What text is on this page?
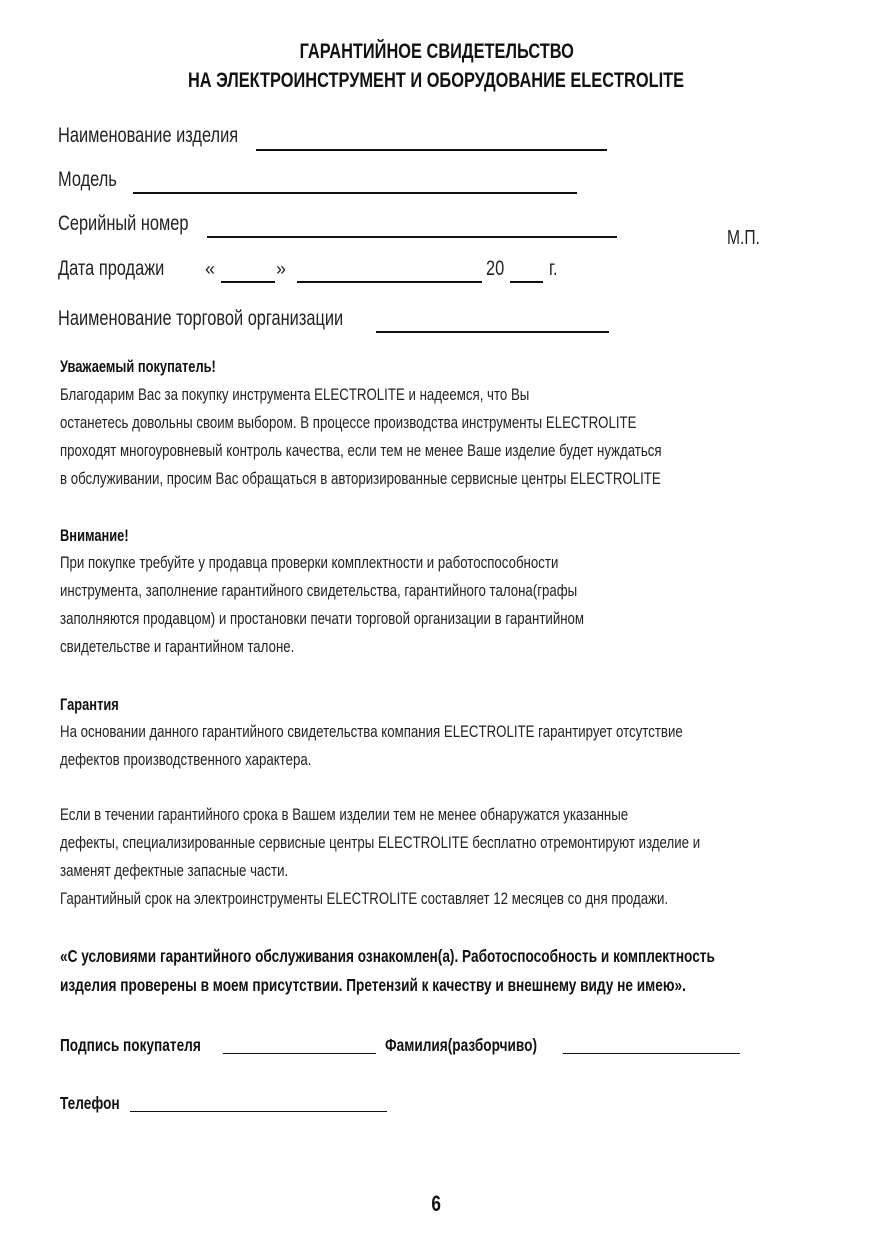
ГАРАНТИЙНОЕ СВИДЕТЕЛЬСТВО
НА ЭЛЕКТРОИНСТРУМЕНТ И ОБОРУДОВАНИЕ ELECTROLITE
Наименование изделия
Модель
Серийный номер
М.П.
Дата продажи	«	»	20 г.
Наименование торговой организации
Уважаемый покупатель!
Благодарим Вас за покупку инструмента ELECTROLITE и надеемся, что Вы
останетесь довольны своим выбором. В процессе производства инструменты ELECTROLITE
проходят многоуровневый контроль качества, если тем не менее Ваше изделие будет нуждаться
в обслуживании, просим Вас обращаться в авторизированные сервисные центры ELECTROLITE
Внимание!
При покупке требуйте у продавца проверки комплектности и работоспособности
инструмента, заполнение гарантийного свидетельства, гарантийного талона(графы
заполняются продавцом) и простановки печати торговой организации в гарантийном
свидетельстве и гарантийном талоне.
Гарантия
На основании данного гарантийного свидетельства компания ELECTROLITE гарантирует отсутствие
дефектов производственного характера.
Если в течении гарантийного срока в Вашем изделии тем не менее обнаружатся указанные
дефекты, специализированные сервисные центры ELECTROLITE бесплатно отремонтируют изделие и
заменят дефектные запасные части.
Гарантийный срок на электроинструменты ELECTROLITE составляет 12 месяцев со дня продажи.
«С условиями гарантийного обслуживания ознакомлен(а). Работоспособность и комплектность
изделия проверены в моем присутствии. Претензий к качеству и внешнему виду не имею».
Подпись покупателя	Фамилия(разборчиво)
Телефон
6
